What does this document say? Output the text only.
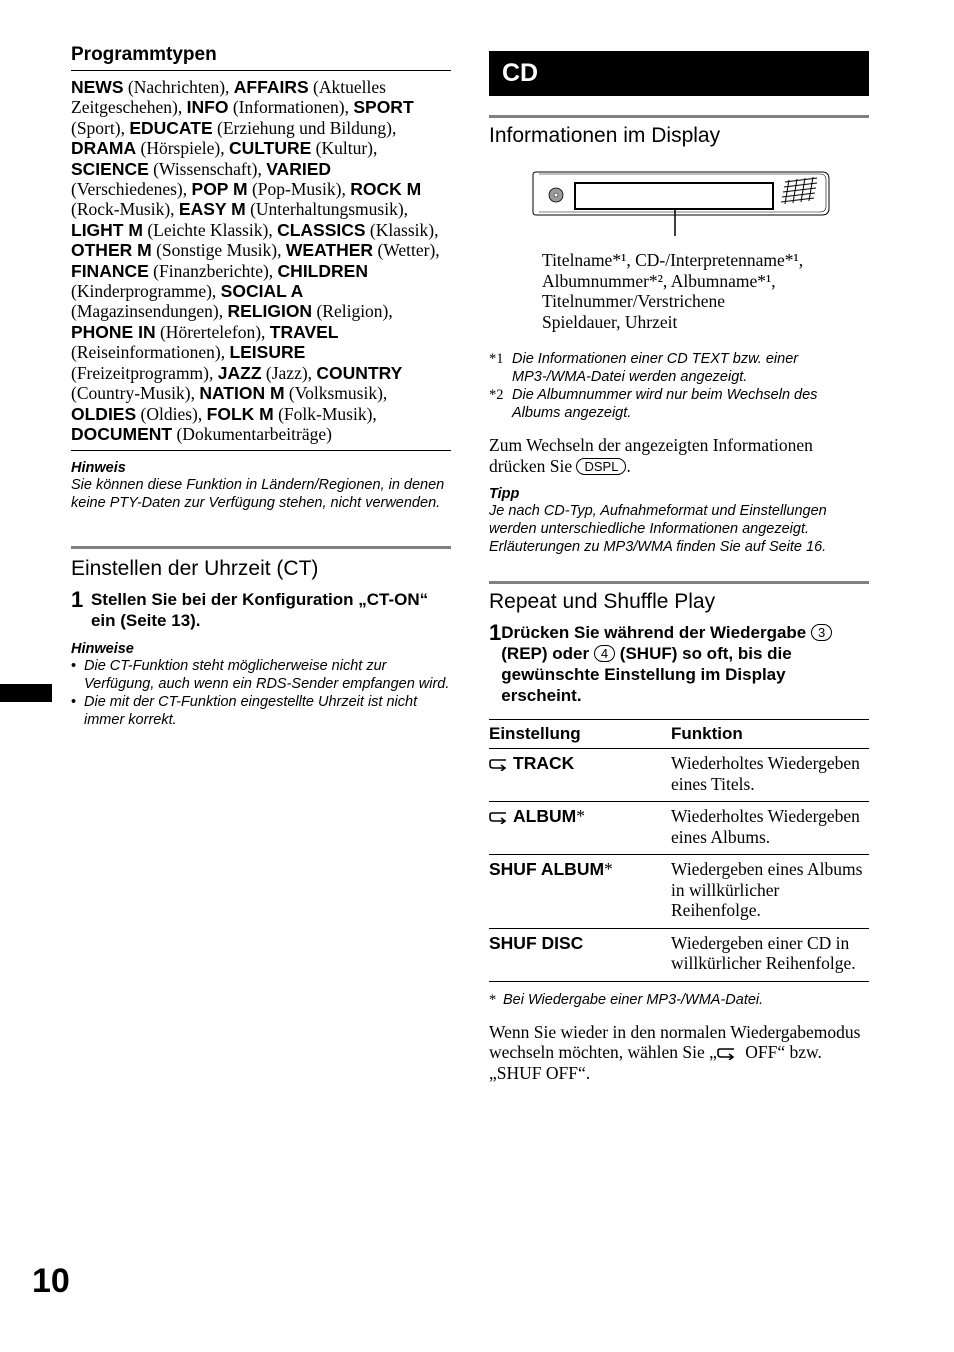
Programmtypen
NEWS (Nachrichten), AFFAIRS (Aktuelles Zeitgeschehen), INFO (Informationen), SPORT (Sport), EDUCATE (Erziehung und Bildung), DRAMA (Hörspiele), CULTURE (Kultur), SCIENCE (Wissenschaft), VARIED (Verschiedenes), POP M (Pop-Musik), ROCK M (Rock-Musik), EASY M (Unterhaltungsmusik), LIGHT M (Leichte Klassik), CLASSICS (Klassik), OTHER M (Sonstige Musik), WEATHER (Wetter), FINANCE (Finanzberichte), CHILDREN (Kinderprogramme), SOCIAL A (Magazinsendungen), RELIGION (Religion), PHONE IN (Hörertelefon), TRAVEL (Reiseinformationen), LEISURE (Freizeitprogramm), JAZZ (Jazz), COUNTRY (Country-Musik), NATION M (Volksmusik), OLDIES (Oldies), FOLK M (Folk-Musik), DOCUMENT (Dokumentarbeiträge)
Hinweis
Sie können diese Funktion in Ländern/Regionen, in denen keine PTY-Daten zur Verfügung stehen, nicht verwenden.
Einstellen der Uhrzeit (CT)
1 Stellen Sie bei der Konfiguration „CT-ON“ ein (Seite 13).
Hinweise
• Die CT-Funktion steht möglicherweise nicht zur Verfügung, auch wenn ein RDS-Sender empfangen wird.
• Die mit der CT-Funktion eingestellte Uhrzeit ist nicht immer korrekt.
10
CD
Informationen im Display
Titelname*¹, CD-/Interpretenname*¹,
Albumnummer*², Albumname*¹,
Titelnummer/Verstrichene
Spieldauer, Uhrzeit
*1 Die Informationen einer CD TEXT bzw. einer MP3-/WMA-Datei werden angezeigt.
*2 Die Albumnummer wird nur beim Wechseln des Albums angezeigt.
Zum Wechseln der angezeigten Informationen drücken Sie DSPL .
Tipp
Je nach CD-Typ, Aufnahmeformat und Einstellungen werden unterschiedliche Informationen angezeigt. Erläuterungen zu MP3/WMA finden Sie auf Seite 16.
Repeat und Shuffle Play
1 Drücken Sie während der Wiedergabe 3 (REP) oder 4 (SHUF) so oft, bis die gewünschte Einstellung im Display erscheint.
Einstellung	Funktion
TRACK	Wiederholtes Wiedergeben eines Titels.
ALBUM*	Wiederholtes Wiedergeben eines Albums.
SHUF ALBUM*	Wiedergeben eines Albums in willkürlicher Reihenfolge.
SHUF DISC	Wiedergeben einer CD in willkürlicher Reihenfolge.
* Bei Wiedergabe einer MP3-/WMA-Datei.
Wenn Sie wieder in den normalen Wiedergabemodus wechseln möchten, wählen Sie „ OFF“ bzw. „SHUF OFF“.
